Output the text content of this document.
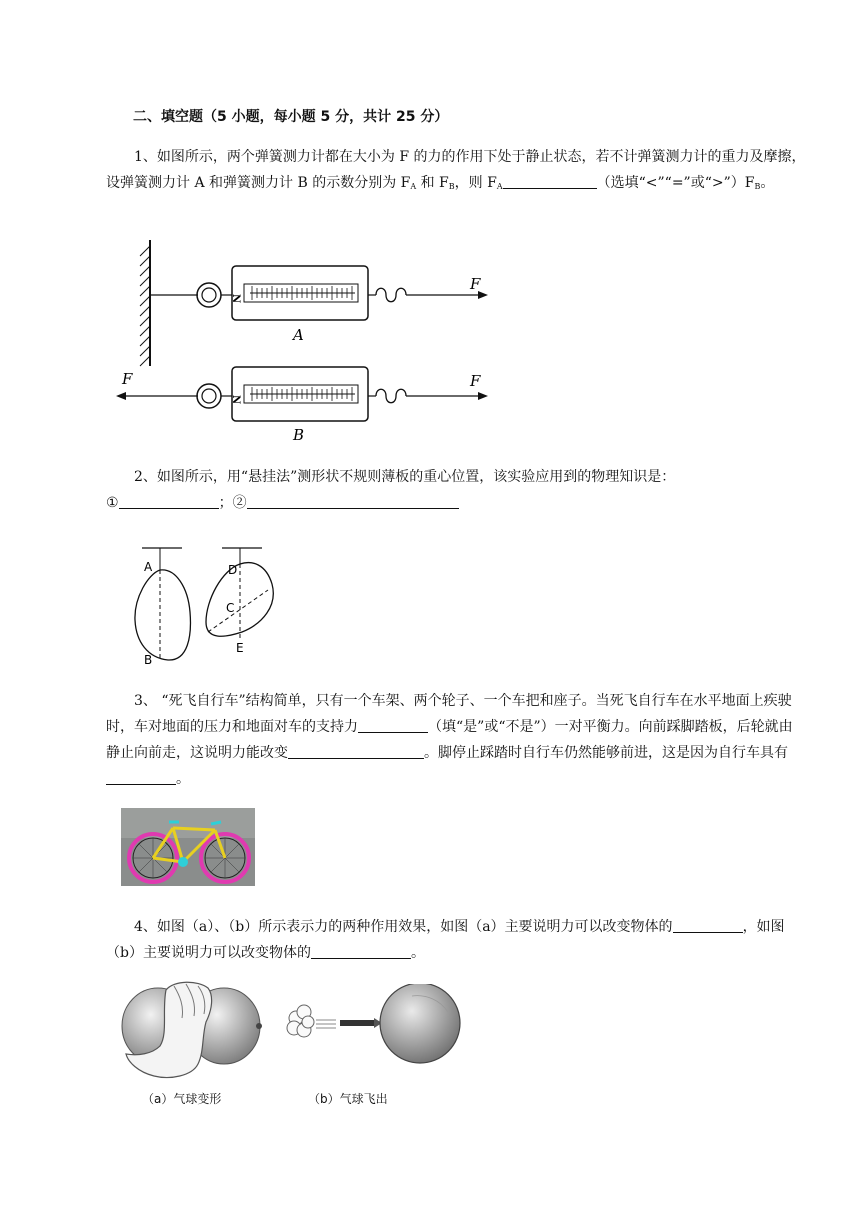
二、填空题（5 小题，每小题 5 分，共计 25 分）
1、如图所示，两个弹簧测力计都在大小为 F 的力的作用下处于静止状态，若不计弹簧测力计的重力及摩擦，设弹簧测力计 A 和弹簧测力计 B 的示数分别为 $F_A$ 和 $F_B$，则 $F_A$	（选填“<”“=”或“$>”)F_B$。
N
F
A
F
N
F
B
2、如图所示，用“悬挂法”测形状不规则薄板的重心位置，该实验应用到的物理知识是：
①	；②
A
B
D
C
E
3、 “死飞自行车”结构简单，只有一个车架、两个轮子、一个车把和座子。当死飞自行车在水平地面上疾驶时，车对地面的压力和地面对车的支持力	（填“是”或“不是”）一对平衡力。向前踩脚踏板，后轮就由静止向前走，这说明力能改变	。脚停止踩踏时自行车仍然能够前进，这是因为自行车具有。
4、如图（a）、（b）所示表示力的两种作用效果，如图（a）主要说明力可以改变物体的	，如图（b）主要说明力可以改变物体的	。
（a）气球变形	（b）气球飞出
